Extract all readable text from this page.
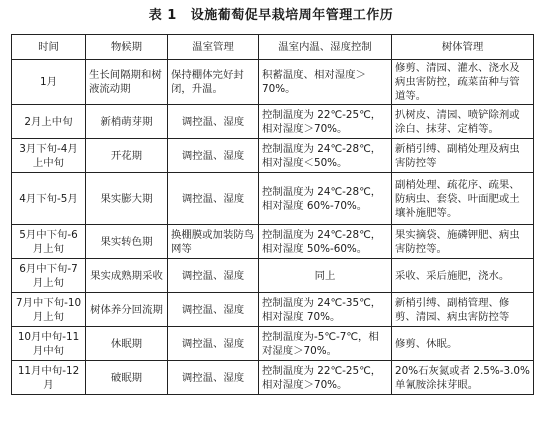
表 1 设施葡萄促早栽培周年管理工作历
时间	物候期	温室管理	温室内温、湿度控制	树体管理
1月	生长间隔期和树液流动期	保持棚体完好封闭，升温。	积蓄温度、相对湿度＞70%。	修剪、清园、灌水、浇水及病虫害防控，疏菜苗种与管道等。
2月上中旬	新梢萌芽期	调控温、湿度	控制温度为 22℃-25℃，相对湿度＞70%。	扒树皮、清园、喷铲除剂或涂白、抹芽、定梢等。
3月下旬-4月上中旬	开花期	调控温、湿度	控制温度为 24℃-28℃，相对湿度＜50%。	新梢引缚、副梢处理及病虫害防控等
4月下旬-5月	果实膨大期	调控温、湿度	控制温度为 24℃-28℃，相对湿度 60%-70%。	副梢处理、疏花序、疏果、防病虫、套袋、叶面肥或土壤补施肥等。
5月中下旬-6月上旬	果实转色期	换棚膜或加装防鸟网等	控制温度为 24℃-28℃，相对湿度 50%-60%。	果实摘袋、施磷钾肥、病虫害防控等。
6月中下旬-7月上旬	果实成熟期采收	调控温、湿度	同上	采收、采后施肥，浇水。
7月中下旬-10月上旬	树体养分回流期	调控温、湿度	控制温度为 24℃-35℃，相对湿度 70%。	新梢引缚、副梢管理、修剪、清园、病虫害防控等
10月中旬-11月中旬	休眠期	调控温、湿度	控制温度为-5℃-7℃，相对湿度＞70%。	修剪、休眠。
11月中旬-12月	破眠期	调控温、湿度	控制温度为 22℃-25℃，相对湿度＞70%。	20%石灰氮或者 2.5%-3.0%单氰胺涂抹芽眼。
